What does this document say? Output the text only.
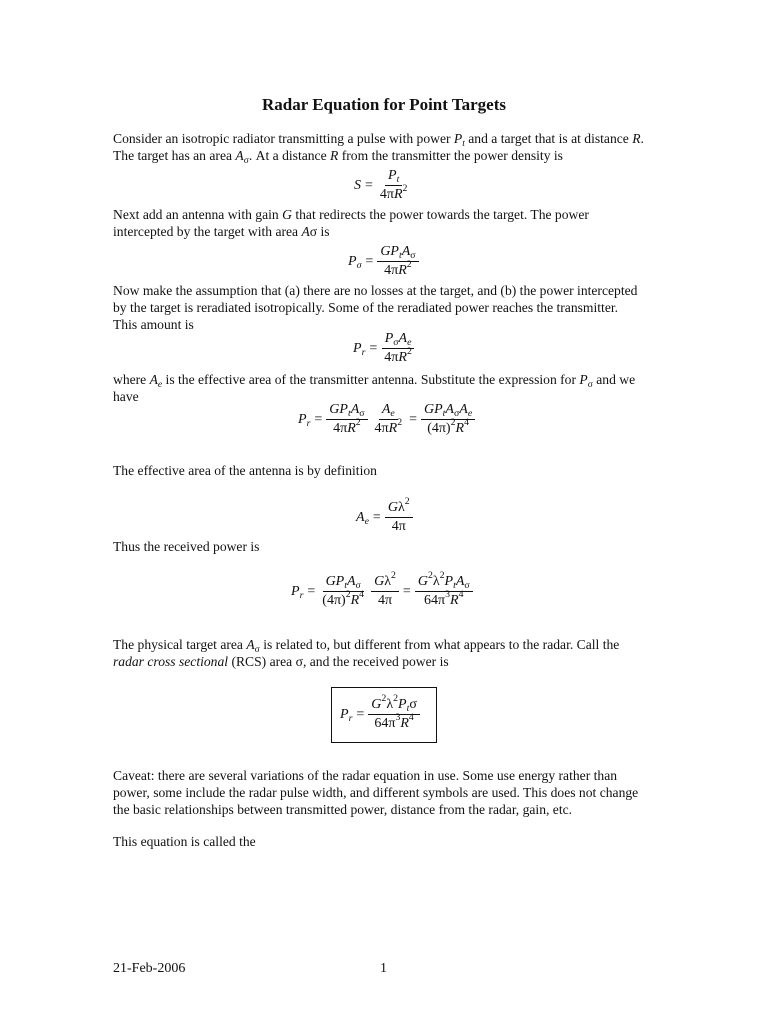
Radar Equation for Point Targets
Consider an isotropic radiator transmitting a pulse with power $P_t$ and a target that is at distance R.
The target has an area $A_\sigma$. At a distance R from the transmitter the power density is
$S = \frac{P_t}{4\pi R^2}$
Next add an antenna with gain G that redirects the power towards the target. The power
intercepted by the target with area Aσ is
$P_\sigma = \frac{GP_tA_\sigma}{4\pi R^2}$
Now make the assumption that (a) there are no losses at the target, and (b) the power intercepted
by the target is reradiated isotropically. Some of the reradiated power reaches the transmitter.
This amount is
$P_r = \frac{P_\sigma A_e}{4\pi R^2}$
where $A_e$ is the effective area of the transmitter antenna. Substitute the expression for $P_\sigma$ and we
have
$P_r = \frac{GP_tA_\sigma}{4\pi R^2} \frac{A_e}{4\pi R^2} = \frac{GP_tA_\sigma A_e}{(4\pi)^2R^4}$
The effective area of the antenna is by definition
$A_e = \frac{G\lambda^2}{4\pi}$
Thus the received power is
$P_r = \frac{GP_tA_\sigma}{(4\pi)^2R^4} \frac{G\lambda^2}{4\pi} = \frac{G^2\lambda^2P_tA_\sigma}{64\pi^3R^4}$
The physical target area $A_\sigma$ is related to, but different from what appears to the radar. Call the
radar cross sectional (RCS) area σ, and the received power is
$P_r = \frac{G^2\lambda^2P_t\sigma}{64\pi^3R^4}$
Caveat: there are several variations of the radar equation in use. Some use energy rather than
power, some include the radar pulse width, and different symbols are used. This does not change
the basic relationships between transmitted power, distance from the radar, gain, etc.
This equation is called the
21-Feb-2006	1
